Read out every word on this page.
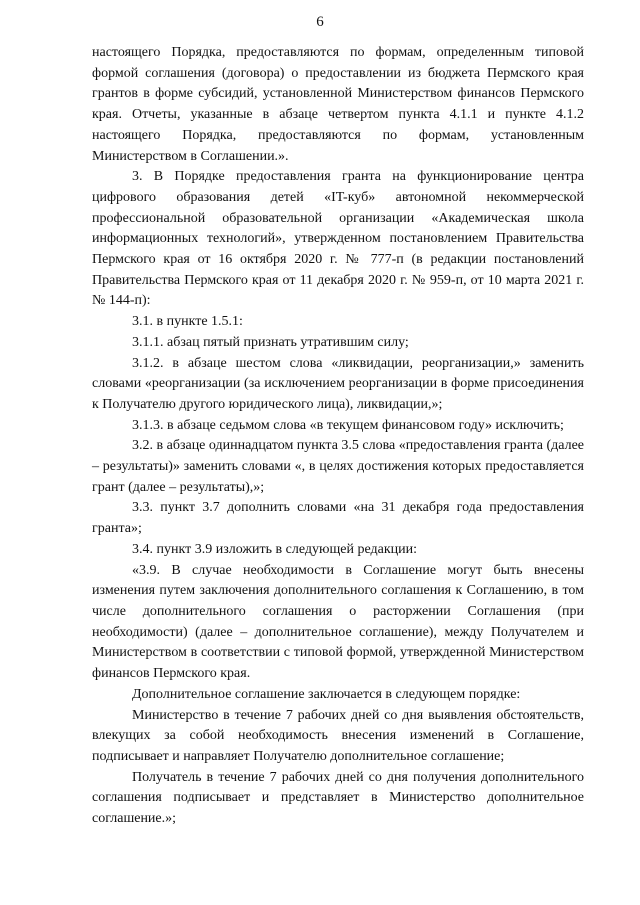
6

настоящего Порядка, предоставляются по формам, определенным типовой формой соглашения (договора) о предоставлении из бюджета Пермского края грантов в форме субсидий, установленной Министерством финансов Пермского края. Отчеты, указанные в абзаце четвертом пункта 4.1.1 и пункте 4.1.2 настоящего Порядка, предоставляются по формам, установленным Министерством в Соглашении.».

3. В Порядке предоставления гранта на функционирование центра цифрового образования детей «IT-куб» автономной некоммерческой профессиональной образовательной организации «Академическая школа информационных технологий», утвержденном постановлением Правительства Пермского края от 16 октября 2020 г. № 777-п (в редакции постановлений Правительства Пермского края от 11 декабря 2020 г. № 959-п, от 10 марта 2021 г. № 144-п):

3.1. в пункте 1.5.1:

3.1.1. абзац пятый признать утратившим силу;

3.1.2. в абзаце шестом слова «ликвидации, реорганизации,» заменить словами «реорганизации (за исключением реорганизации в форме присоединения к Получателю другого юридического лица), ликвидации,»;

3.1.3. в абзаце седьмом слова «в текущем финансовом году» исключить;

3.2. в абзаце одиннадцатом пункта 3.5 слова «предоставления гранта (далее – результаты)» заменить словами «, в целях достижения которых предоставляется грант (далее – результаты),»;

3.3. пункт 3.7 дополнить словами «на 31 декабря года предоставления гранта»;

3.4. пункт 3.9 изложить в следующей редакции:

«3.9. В случае необходимости в Соглашение могут быть внесены изменения путем заключения дополнительного соглашения к Соглашению, в том числе дополнительного соглашения о расторжении Соглашения (при необходимости) (далее – дополнительное соглашение), между Получателем и Министерством в соответствии с типовой формой, утвержденной Министерством финансов Пермского края.

Дополнительное соглашение заключается в следующем порядке:

Министерство в течение 7 рабочих дней со дня выявления обстоятельств, влекущих за собой необходимость внесения изменений в Соглашение, подписывает и направляет Получателю дополнительное соглашение;

Получатель в течение 7 рабочих дней со дня получения дополнительного соглашения подписывает и представляет в Министерство дополнительное соглашение.»;
